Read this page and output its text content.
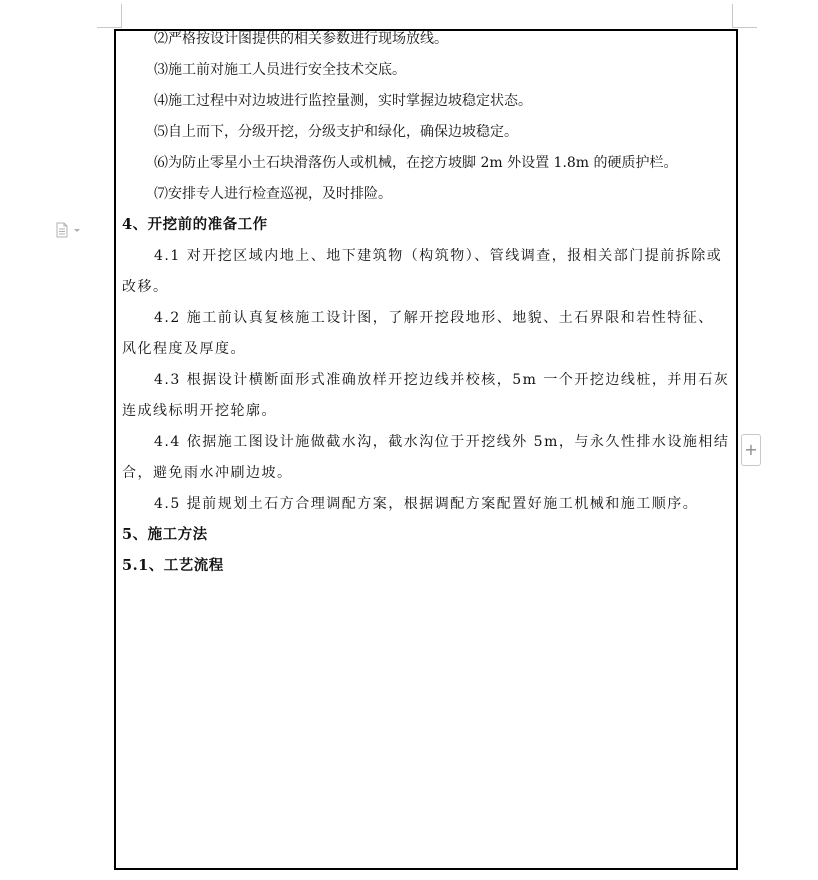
+
⑵严格按设计图提供的相关参数进行现场放线。
⑶施工前对施工人员进行安全技术交底。
⑷施工过程中对边坡进行监控量测，实时掌握边坡稳定状态。
⑸自上而下，分级开挖，分级支护和绿化，确保边坡稳定。
⑹为防止零星小土石块滑落伤人或机械，在挖方坡脚 2m 外设置 1.8m 的硬质护栏。
⑺安排专人进行检查巡视，及时排险。
4、开挖前的准备工作
4.1 对开挖区域内地上、地下建筑物（构筑物）、管线调查，报相关部门提前拆除或
改移。
4.2 施工前认真复核施工设计图，了解开挖段地形、地貌、土石界限和岩性特征、
风化程度及厚度。
4.3 根据设计横断面形式准确放样开挖边线并校核，5m 一个开挖边线桩，并用石灰
连成线标明开挖轮廓。
4.4 依据施工图设计施做截水沟，截水沟位于开挖线外 5m，与永久性排水设施相结
合，避免雨水冲刷边坡。
4.5 提前规划土石方合理调配方案，根据调配方案配置好施工机械和施工顺序。
5、施工方法
5.1、工艺流程
